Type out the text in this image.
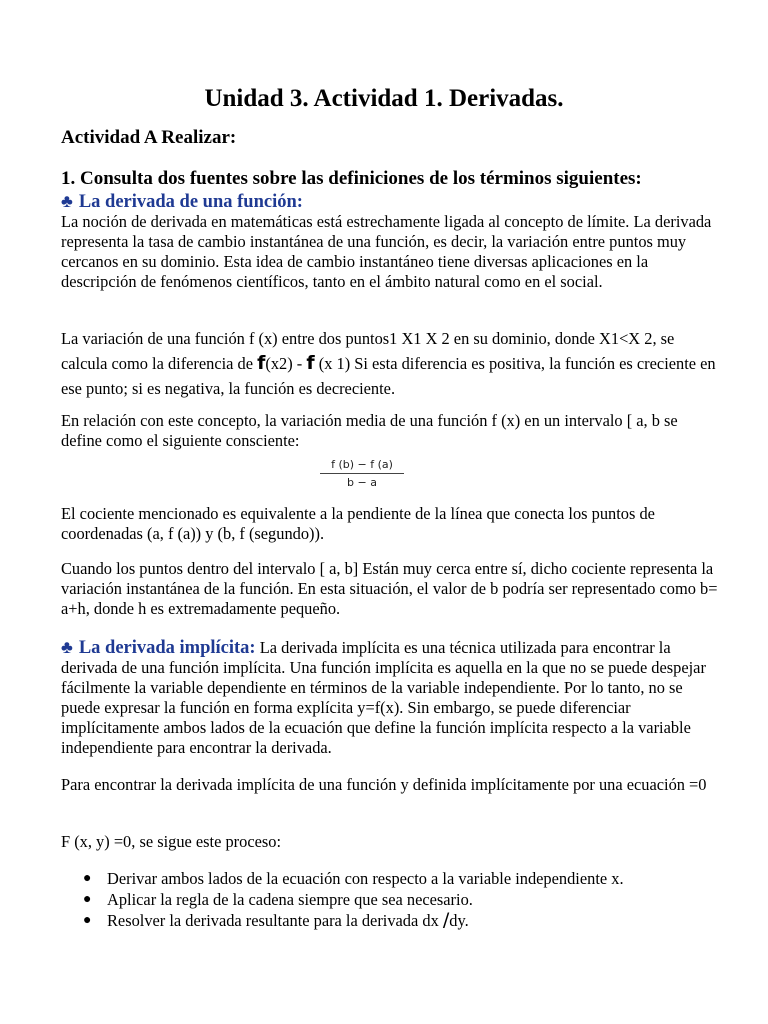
Unidad 3. Actividad 1. Derivadas.
Actividad A Realizar:
1. Consulta dos fuentes sobre las definiciones de los términos siguientes:
♣ La derivada de una función:
La noción de derivada en matemáticas está estrechamente ligada al concepto de límite. La derivada representa la tasa de cambio instantánea de una función, es decir, la variación entre puntos muy cercanos en su dominio. Esta idea de cambio instantáneo tiene diversas aplicaciones en la descripción de fenómenos científicos, tanto en el ámbito natural como en el social.
La variación de una función f (x) entre dos puntos1 X1 X 2 en su dominio, donde X1<X 2, se calcula como la diferencia de f(x2) - f (x 1) Si esta diferencia es positiva, la función es creciente en ese punto; si es negativa, la función es decreciente.
En relación con este concepto, la variación media de una función f (x) en un intervalo [ a, b se define como el siguiente consciente:
$\frac{f (b) - f (a)}{b - a}$
El cociente mencionado es equivalente a la pendiente de la línea que conecta los puntos de coordenadas (a, f (a)) y (b, f (segundo)).
Cuando los puntos dentro del intervalo [ a, b] Están muy cerca entre sí, dicho cociente representa la variación instantánea de la función. En esta situación, el valor de b podría ser representado como b= a+h, donde h es extremadamente pequeño.
♣ La derivada implícita: La derivada implícita es una técnica utilizada para encontrar la derivada de una función implícita. Una función implícita es aquella en la que no se puede despejar fácilmente la variable dependiente en términos de la variable independiente. Por lo tanto, no se puede expresar la función en forma explícita y=f(x). Sin embargo, se puede diferenciar implícitamente ambos lados de la ecuación que define la función implícita respecto a la variable independiente para encontrar la derivada.
Para encontrar la derivada implícita de una función y definida implícitamente por una ecuación =0
F (x, y) =0, se sigue este proceso:
● Derivar ambos lados de la ecuación con respecto a la variable independiente x.
● Aplicar la regla de la cadena siempre que sea necesario.
● Resolver la derivada resultante para la derivada dx /dy.
